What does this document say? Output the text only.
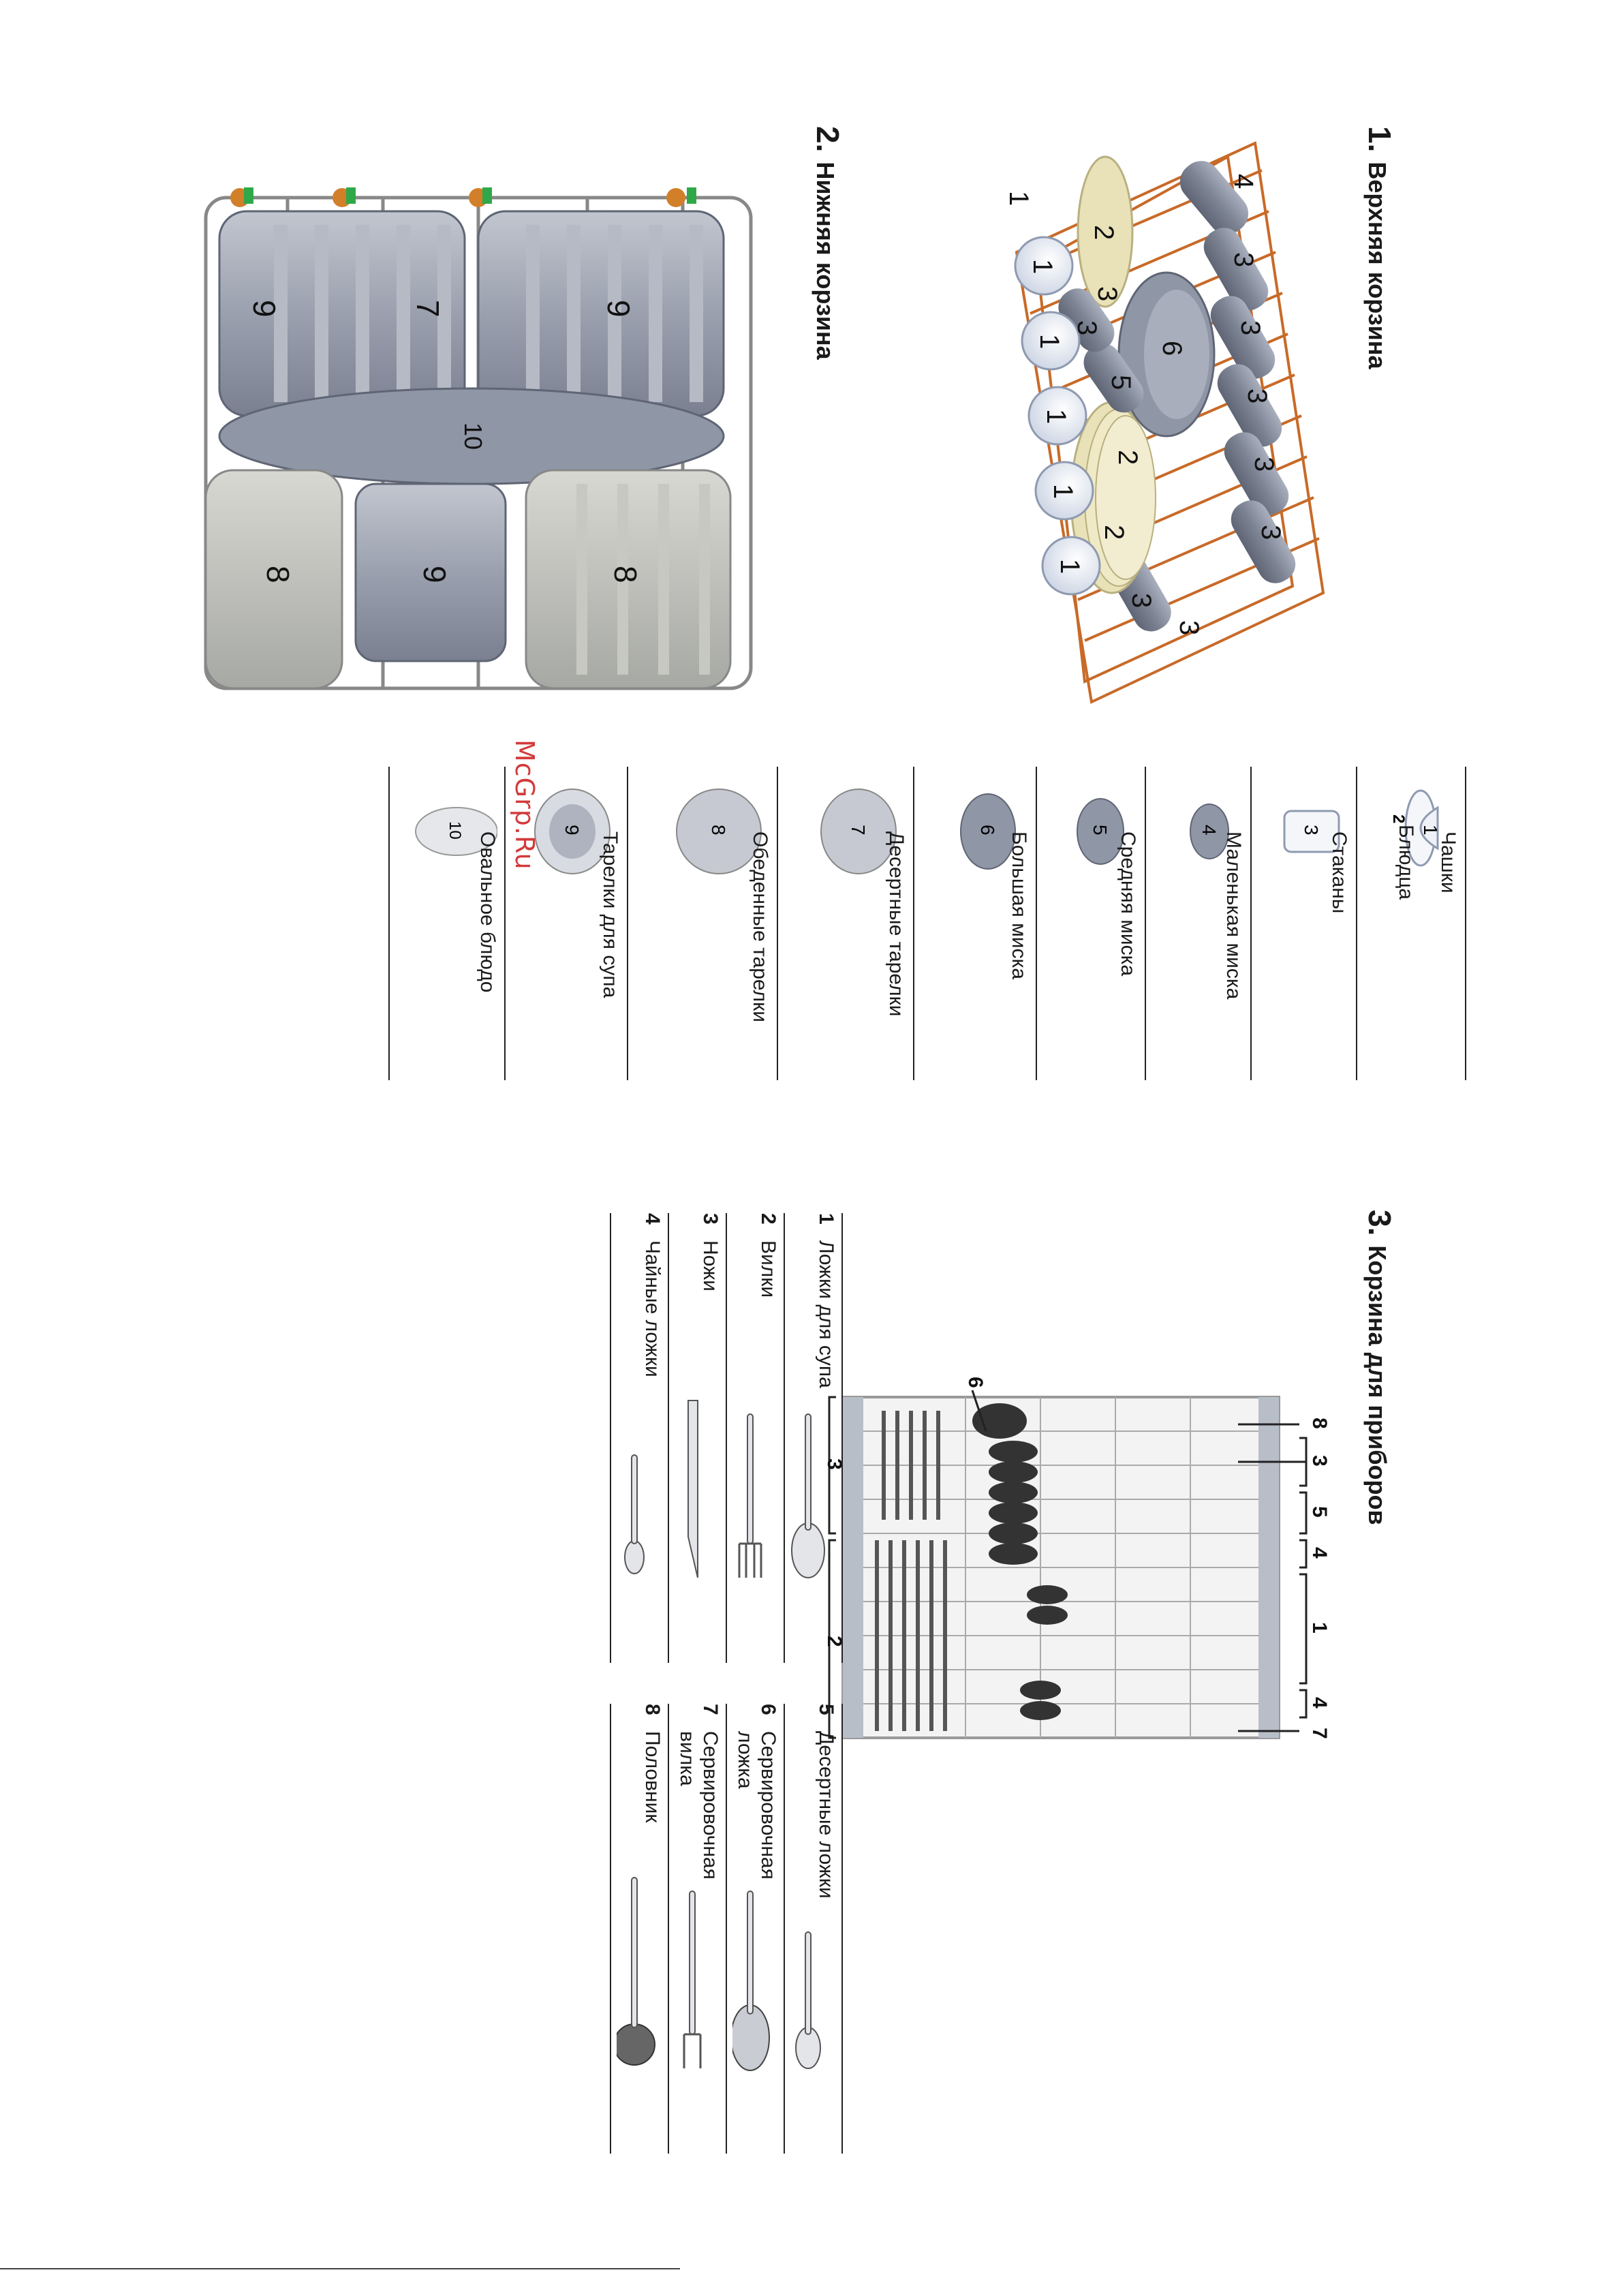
1.Верхняя корзина
2.Нижняя корзина
3.Корзина для приборов
4
3
3
3
3
3
6
2
2
3
5
3
2
3
1
1
1
1
1
3
1
9
7
9
10
8
9
8
1
2
Чашки
Блюдца
3
Стаканы
4
Маленькая миска
5
Средняя миска
6
Большая миска
7
Десертные тарелки
8
Обеденные тарелки
9
Тарелки для супа
10
Овальное блюдо
8
3
5
4
1
4
7
6
3
2
1
Ложки для супа
2
Вилки
3
Ножи
4
Чайные ложки
5
Десертные ложки
6
Сервировочная
ложка
7
Сервировочная
вилка
8
Половник
McGrp.Ru
